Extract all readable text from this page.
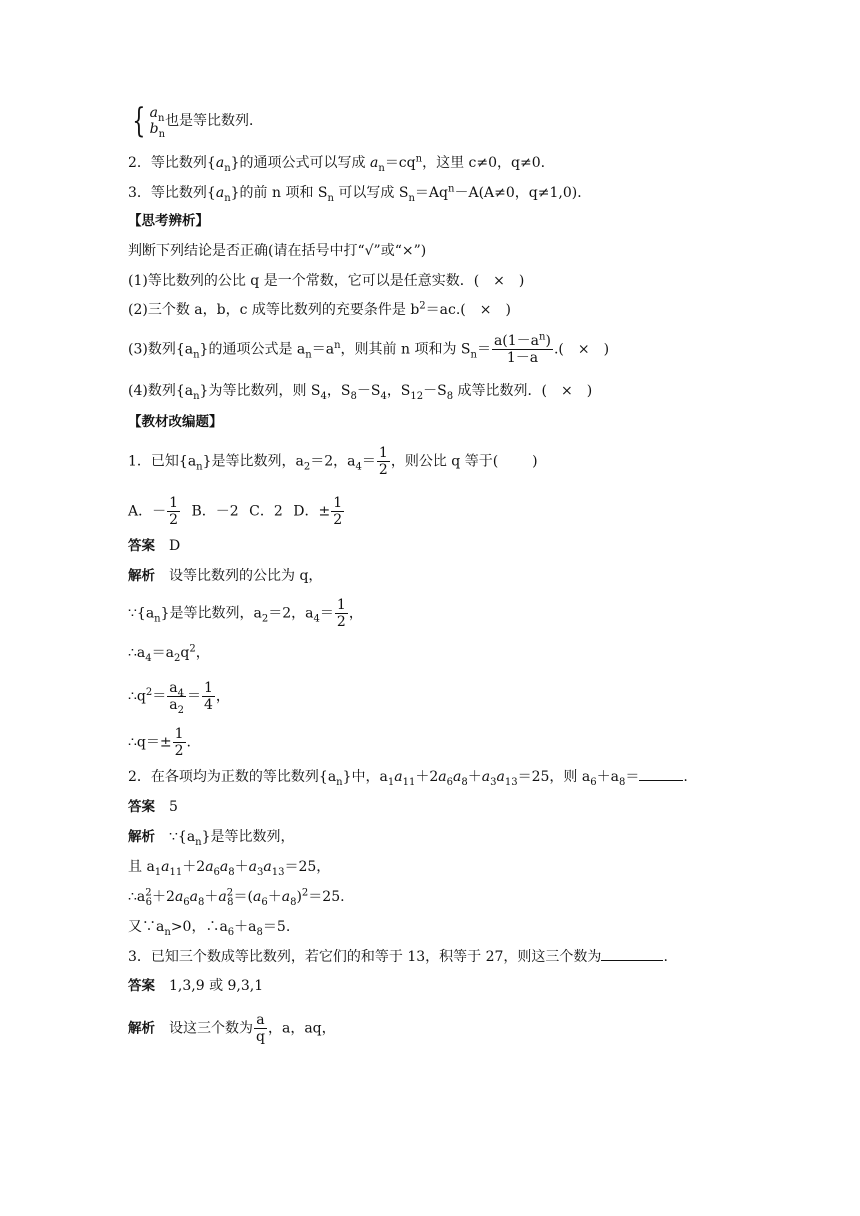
{ $a_n$
$b_n$
也是等比数列．
2．等比数列$\{a_n\}$的通项公式可以写成 $a_n=cq^n$，这里 c≠0，q≠0.
3．等比数列$\{a_n\}$的前 n 项和 $S_n$ 可以写成 $S_n=Aq^n-A(A\ne 0$，q≠1,0)．
【思考辨析】
判断下列结论是否正确(请在括号中打“√”或“×”)
(1)等比数列的公比 q 是一个常数，它可以是任意实数．( × )
(2)三个数 a，b，c 成等比数列的充要条件是 $b^2=ac$.( × )
(3)数列$\{a_n\}$的通项公式是 $a_n=a^n$，则其前 n 项和为 $S_n= \frac{a(1-a^n)}{1-a}$ .( × )
(4)数列$\{a_n\}$为等比数列，则 $S_4$，$S_8-S_4$，$S_{12}-S_8$ 成等比数列．( × )
【教材改编题】
1．已知$\{a_n\}$是等比数列，$a_2=2$，$a_4= \frac{1}{2}$ ，则公比 q 等于( )
A．－ $\frac{1}{2}$ B．－2 C．2 D．± $\frac{1}{2}$
答案 D
解析 设等比数列的公比为 q，
$\because\{a_n\}$是等比数列，$a_2=2$，$a_4= \frac{1}{2}$ ，
$\therefore a_4=a_2q^2$，
$\therefore q^2= \frac{a_4}{a_2} = \frac{1}{4}$ ，
∴q＝± $\frac{1}{2}$ .
2．在各项均为正数的等比数列$\{a_n\}$中，$a_1a_{11}+2a_6a_8+a_3a_{13}=25$，则 $a_6+a_8=$	.
答案 5
解析 $\because\{a_n\}$是等比数列，
且 $a_1a_{11}+2a_6a_8+a_3a_{13}=25$，
$\therefore a^2_6+2a_6a_8+a^2_8=(a_6+a_8)^2=25$.
又$\because a_n>0$，$\therefore a_6+a_8=5$.
3．已知三个数成等比数列，若它们的和等于 13，积等于 27，则这三个数为	.
答案 1,3,9 或 9,3,1
解析 设这三个数为 $\frac{a}{q}$ ，a，aq，
